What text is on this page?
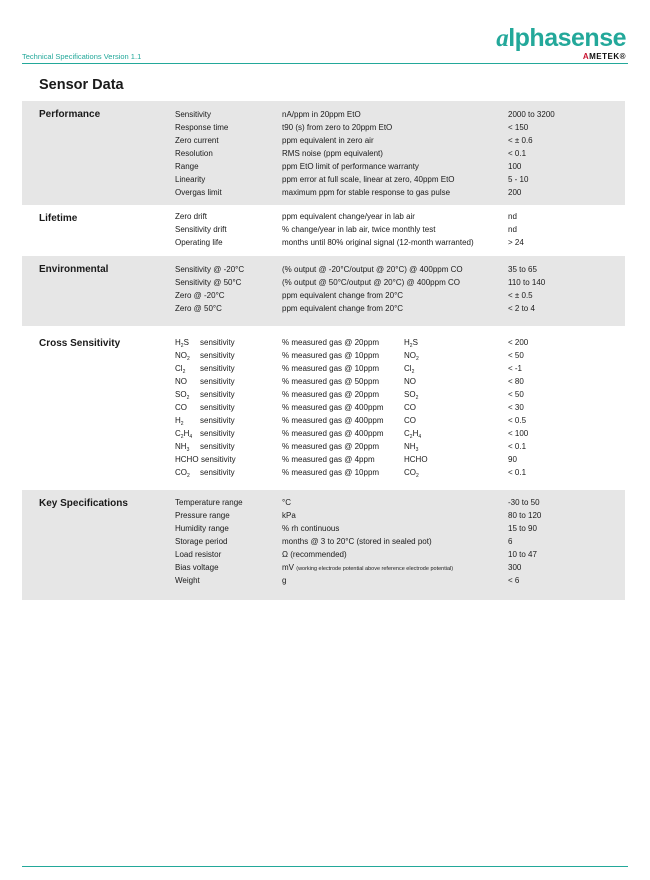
alphasense
AMETEK®
Technical Specifications Version 1.1
Sensor Data
Performance	Sensitivity	nA/ppm in 20ppm EtO	2000 to 3200
Response time	t90 (s) from zero to 20ppm EtO	< 150
Zero current	ppm equivalent in zero air	< ± 0.6
Resolution	RMS noise (ppm equivalent)	< 0.1
Range	ppm EtO limit of performance warranty	100
Linearity	ppm error at full scale, linear at zero, 40ppm EtO	5 - 10
Overgas limit	maximum ppm for stable response to gas pulse	200
Lifetime	Zero drift	ppm equivalent change/year in lab air	nd
Sensitivity drift	% change/year in lab air, twice monthly test	nd
Operating life	months until 80% original signal (12-month warranted)	> 24
Environmental	Sensitivity @ -20°C	(% output @ -20°C/output @ 20°C) @ 400ppm CO	35 to 65
Sensitivity @ 50°C	(% output @ 50°C/output @ 20°C) @ 400ppm CO	110 to 140
Zero @ -20°C	ppm equivalent change from 20°C	< ± 0.5
Zero @ 50°C	ppm equivalent change from 20°C	< 2 to 4
Cross Sensitivity	$H_2S$ sensitivity	% measured gas @ 20ppm	$H_2S$	< 200
$NO_2$ sensitivity	% measured gas @ 10ppm	$NO_2$	< 50
$Cl_2$ sensitivity	% measured gas @ 10ppm	$Cl_2$	< -1
NO sensitivity	% measured gas @ 50ppm	NO	< 80
$SO_2$ sensitivity	% measured gas @ 20ppm	$SO_2$	< 50
CO sensitivity	% measured gas @ 400ppm	CO	< 30
$H_2$ sensitivity	% measured gas @ 400ppm	CO	< 0.5
$C_2H_4$ sensitivity	% measured gas @ 400ppm	$C_2H_4$	< 100
$NH_3$ sensitivity	% measured gas @ 20ppm	$NH_3$	< 0.1
HCHO sensitivity	% measured gas @ 4ppm	HCHO	90
$CO_2$ sensitivity	% measured gas @ 10ppm	$CO_2$	< 0.1
Key Specifications	Temperature range	°C	-30 to 50
Pressure range	kPa	80 to 120
Humidity range	% rh continuous	15 to 90
Storage period	months @ 3 to 20°C (stored in sealed pot)	6
Load resistor	Ω (recommended)	10 to 47
Bias voltage	mV (working electrode potential above reference electrode potential)	300
Weight	g	< 6
